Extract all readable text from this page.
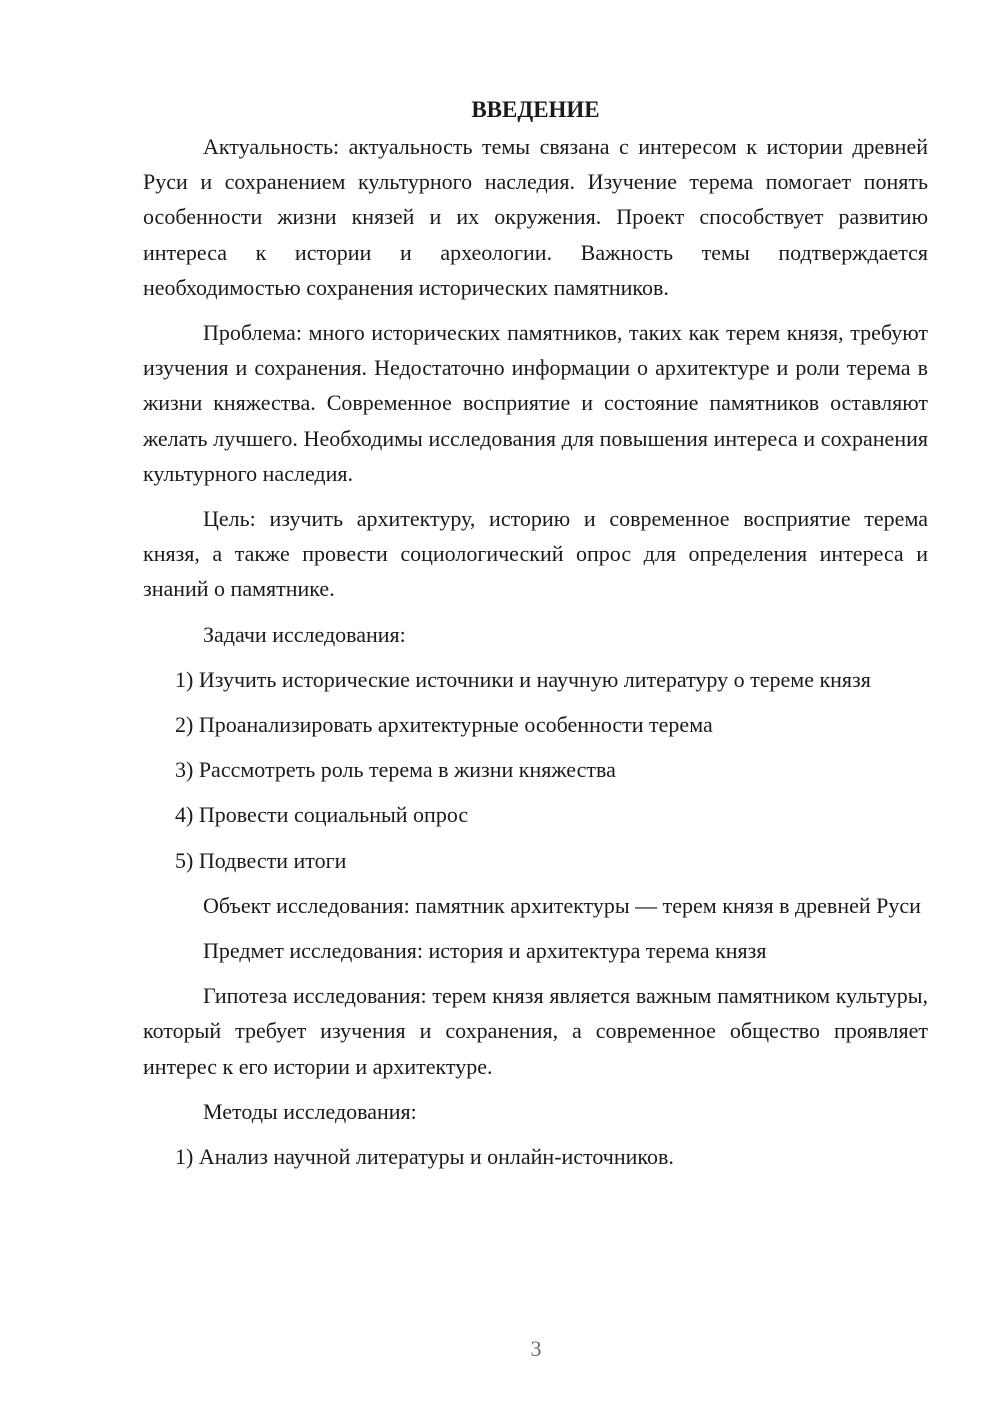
ВВЕДЕНИЕ

Актуальность: актуальность темы связана с интересом к истории древней Руси и сохранением культурного наследия. Изучение терема помогает понять особенности жизни князей и их окружения. Проект способствует развитию интереса к истории и археологии. Важность темы подтверждается необходимостью сохранения исторических памятников.

Проблема: много исторических памятников, таких как терем князя, требуют изучения и сохранения. Недостаточно информации о архитектуре и роли терема в жизни княжества. Современное восприятие и состояние памятников оставляют желать лучшего. Необходимы исследования для повышения интереса и сохранения культурного наследия.

Цель: изучить архитектуру, историю и современное восприятие терема князя, а также провести социологический опрос для определения интереса и знаний о памятнике.

Задачи исследования:

1) Изучить исторические источники и научную литературу о тереме князя

2) Проанализировать архитектурные особенности терема

3) Рассмотреть роль терема в жизни княжества

4) Провести социальный опрос

5) Подвести итоги

Объект исследования: памятник архитектуры — терем князя в древней Руси

Предмет исследования: история и архитектура терема князя

Гипотеза исследования: терем князя является важным памятником культуры, который требует изучения и сохранения, а современное общество проявляет интерес к его истории и архитектуре.

Методы исследования:

1) Анализ научной литературы и онлайн-источников.

3
